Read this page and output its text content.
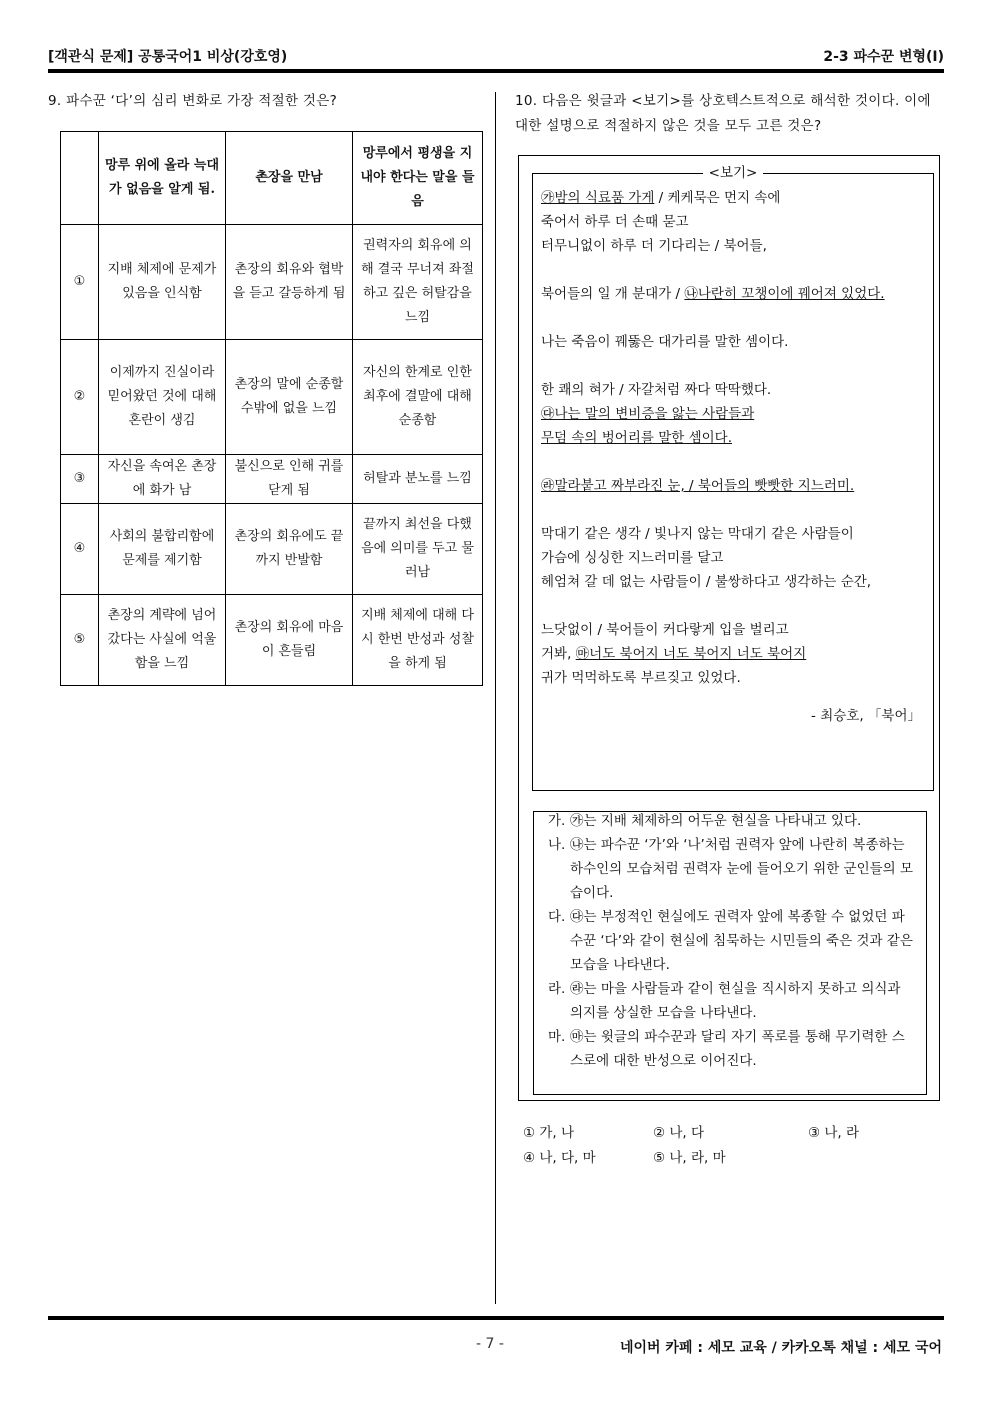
[객관식 문제] 공통국어1 비상(강호영)	2-3 파수꾼 변형(I)
9. 파수꾼 ‘다’의 심리 변화로 가장 적절한 것은?
	망루 위에 올라 늑대가 없음을 알게 됨.	촌장을 만남	망루에서 평생을 지내야 한다는 말을 들음
①	지배 체제에 문제가 있음을 인식함	촌장의 회유와 협박을 듣고 갈등하게 됨	권력자의 회유에 의해 결국 무너져 좌절하고 깊은 허탈감을 느낌
②	이제까지 진실이라 믿어왔던 것에 대해 혼란이 생김	촌장의 말에 순종할 수밖에 없을 느낌	자신의 한계로 인한 최후에 결말에 대해 순종함
③	자신을 속여온 촌장에 화가 남	불신으로 인해 귀를 닫게 됨	허탈과 분노를 느낌
④	사회의 불합리함에 문제를 제기함	촌장의 회유에도 끝까지 반발함	끝까지 최선을 다했음에 의미를 두고 물러남
⑤	촌장의 계략에 넘어갔다는 사실에 억울함을 느낌	촌장의 회유에 마음이 흔들림	지배 체제에 대해 다시 한번 반성과 성찰을 하게 됨
10. 다음은 윗글과 <보기>를 상호텍스트적으로 해석한 것이다. 이에 대한 설명으로 적절하지 않은 것을 모두 고른 것은?
<보기>
㉮밤의 식료품 가게 / 케케묵은 먼지 속에
죽어서 하루 더 손때 묻고
터무니없이 하루 더 기다리는 / 북어들,
북어들의 일 개 분대가 / ㉯나란히 꼬챙이에 꿰어져 있었다.
나는 죽음이 꿰뚫은 대가리를 말한 셈이다.
한 쾌의 혀가 / 자갈처럼 짜다 딱딱했다.
㉰나는 말의 변비증을 앓는 사람들과
무덤 속의 벙어리를 말한 셈이다.
㉱말라붙고 짜부라진 눈, / 북어들의 빳빳한 지느러미.
막대기 같은 생각 / 빛나지 않는 막대기 같은 사람들이
가슴에 싱싱한 지느러미를 달고
헤엄쳐 갈 데 없는 사람들이 / 불쌍하다고 생각하는 순간,
느닷없이 / 북어들이 커다랗게 입을 벌리고
거봐, ㉲너도 북어지 너도 북어지 너도 북어지
귀가 먹먹하도록 부르짖고 있었다.
- 최승호, 「북어」
가. ㉮는 지배 체제하의 어두운 현실을 나타내고 있다.
나. ㉯는 파수꾼 ‘가’와 ‘나’처럼 권력자 앞에 나란히 복종하는 하수인의 모습처럼 권력자 눈에 들어오기 위한 군인들의 모습이다.
다. ㉰는 부정적인 현실에도 권력자 앞에 복종할 수 없었던 파수꾼 ‘다’와 같이 현실에 침묵하는 시민들의 죽은 것과 같은 모습을 나타낸다.
라. ㉱는 마을 사람들과 같이 현실을 직시하지 못하고 의식과 의지를 상실한 모습을 나타낸다.
마. ㉲는 윗글의 파수꾼과 달리 자기 폭로를 통해 무기력한 스스로에 대한 반성으로 이어진다.
① 가, 나	② 나, 다	③ 나, 라
④ 나, 다, 마	⑤ 나, 라, 마
- 7 -	네이버 카페 : 세모 교육 / 카카오톡 채널 : 세모 국어
